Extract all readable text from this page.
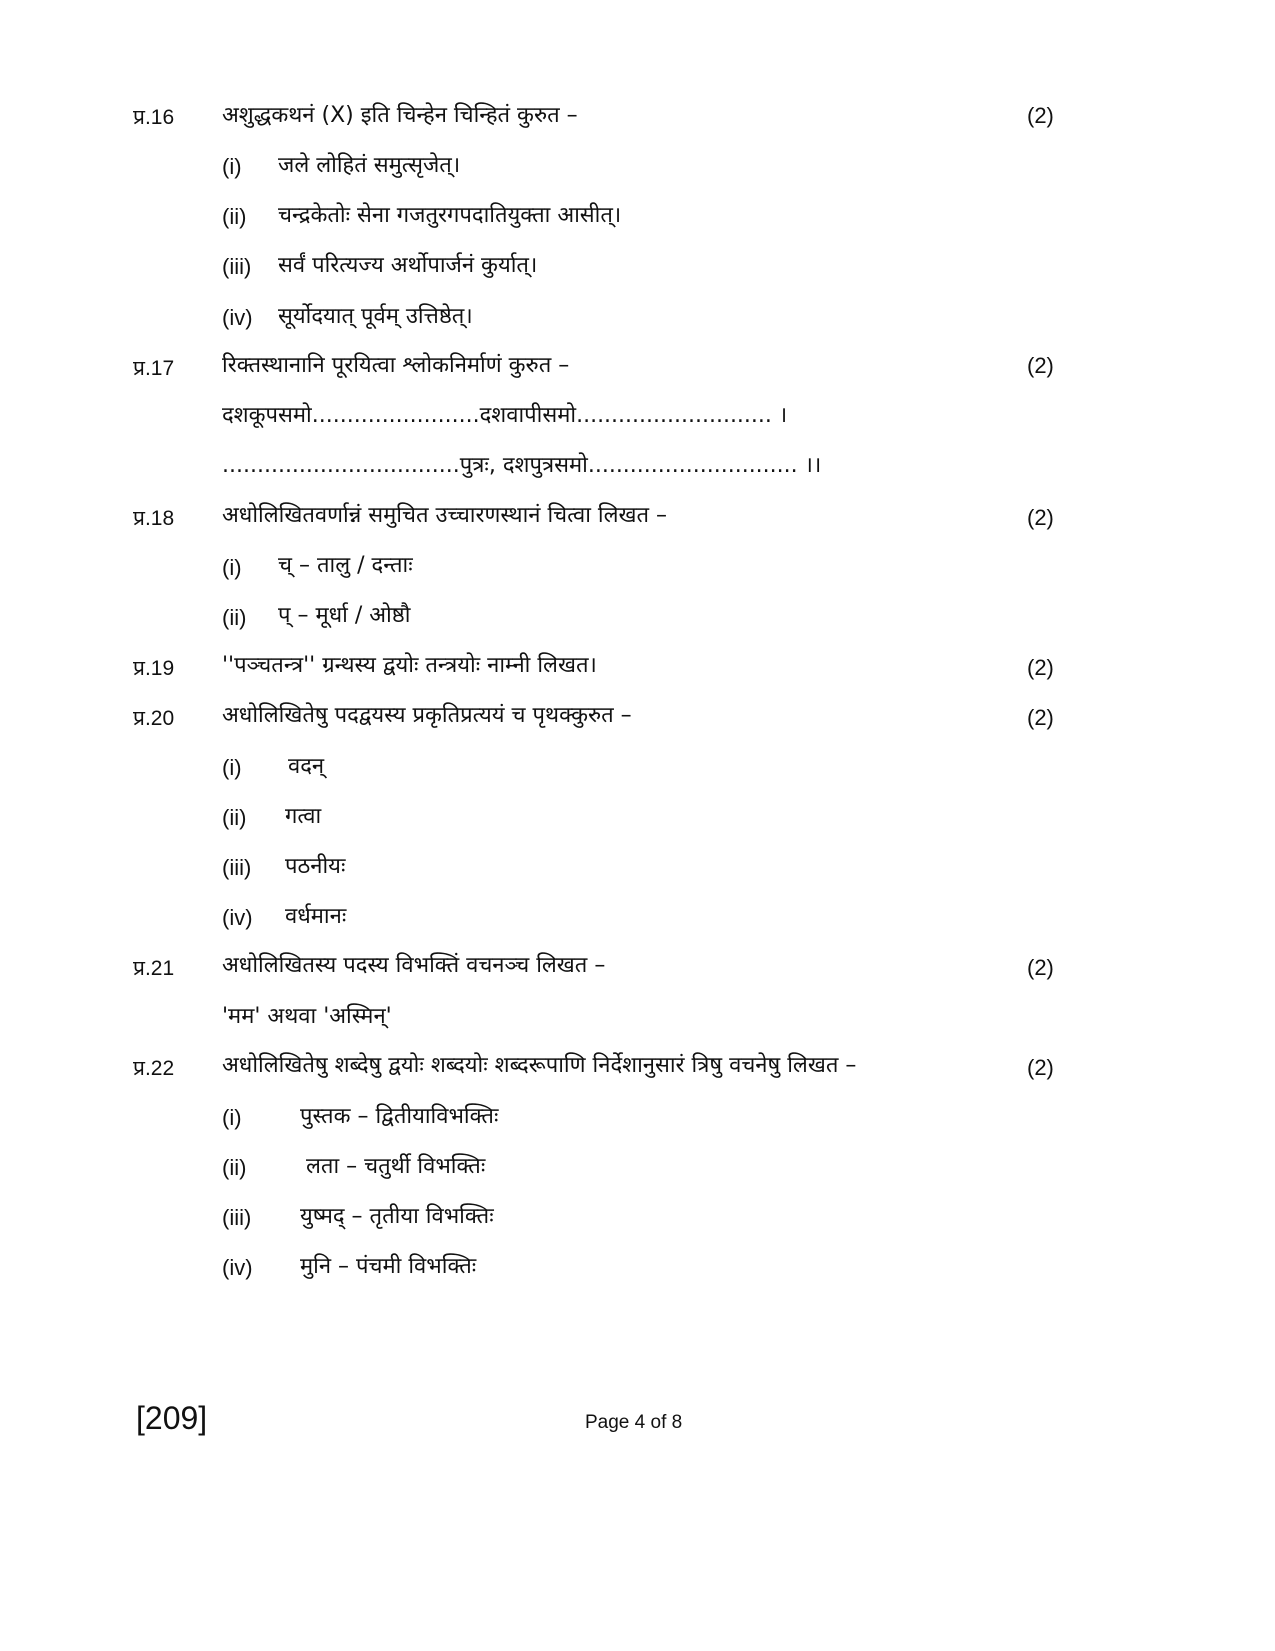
प्र.16 अशुद्धकथनं (X) इति चिन्हेन चिन्हितं कुरुत –	(2)
(i) जले लोहितं समुत्सृजेत्।
(ii) चन्द्रकेतोः सेना गजतुरगपदातियुक्ता आसीत्।
(iii) सर्वं परित्यज्य अर्थोपार्जनं कुर्यात्।
(iv) सूर्योदयात् पूर्वम् उत्तिष्ठेत्।
प्र.17 रिक्तस्थानानि पूरयित्वा श्लोकनिर्माणं कुरुत –	(2)
दशकूपसमो........................दशवापीसमो............................ ।
..................................पुत्रः, दशपुत्रसमो.............................. ।।
प्र.18 अधोलिखितवर्णान्नं समुचित उच्चारणस्थानं चित्वा लिखत –	(2)
(i) च् – तालु / दन्ताः
(ii) प् – मूर्धा / ओष्ठौ
प्र.19 ''पञ्चतन्त्र'' ग्रन्थस्य द्वयोः तन्त्रयोः नाम्नी लिखत।	(2)
प्र.20 अधोलिखितेषु पदद्वयस्य प्रकृतिप्रत्ययं च पृथक्कुरुत –	(2)
(i) वदन्
(ii) गत्वा
(iii) पठनीयः
(iv) वर्धमानः
प्र.21 अधोलिखितस्य पदस्य विभक्तिं वचनञ्च लिखत –	(2)
'मम' अथवा 'अस्मिन्'
प्र.22 अधोलिखितेषु शब्देषु द्वयोः शब्दयोः शब्दरूपाणि निर्देशानुसारं त्रिषु वचनेषु लिखत –	(2)
(i)	पुस्तक – द्वितीयाविभक्तिः
(ii)	लता – चतुर्थी विभक्तिः
(iii) युष्मद् – तृतीया विभक्तिः
(iv) मुनि – पंचमी विभक्तिः
[209]	Page 4 of 8
